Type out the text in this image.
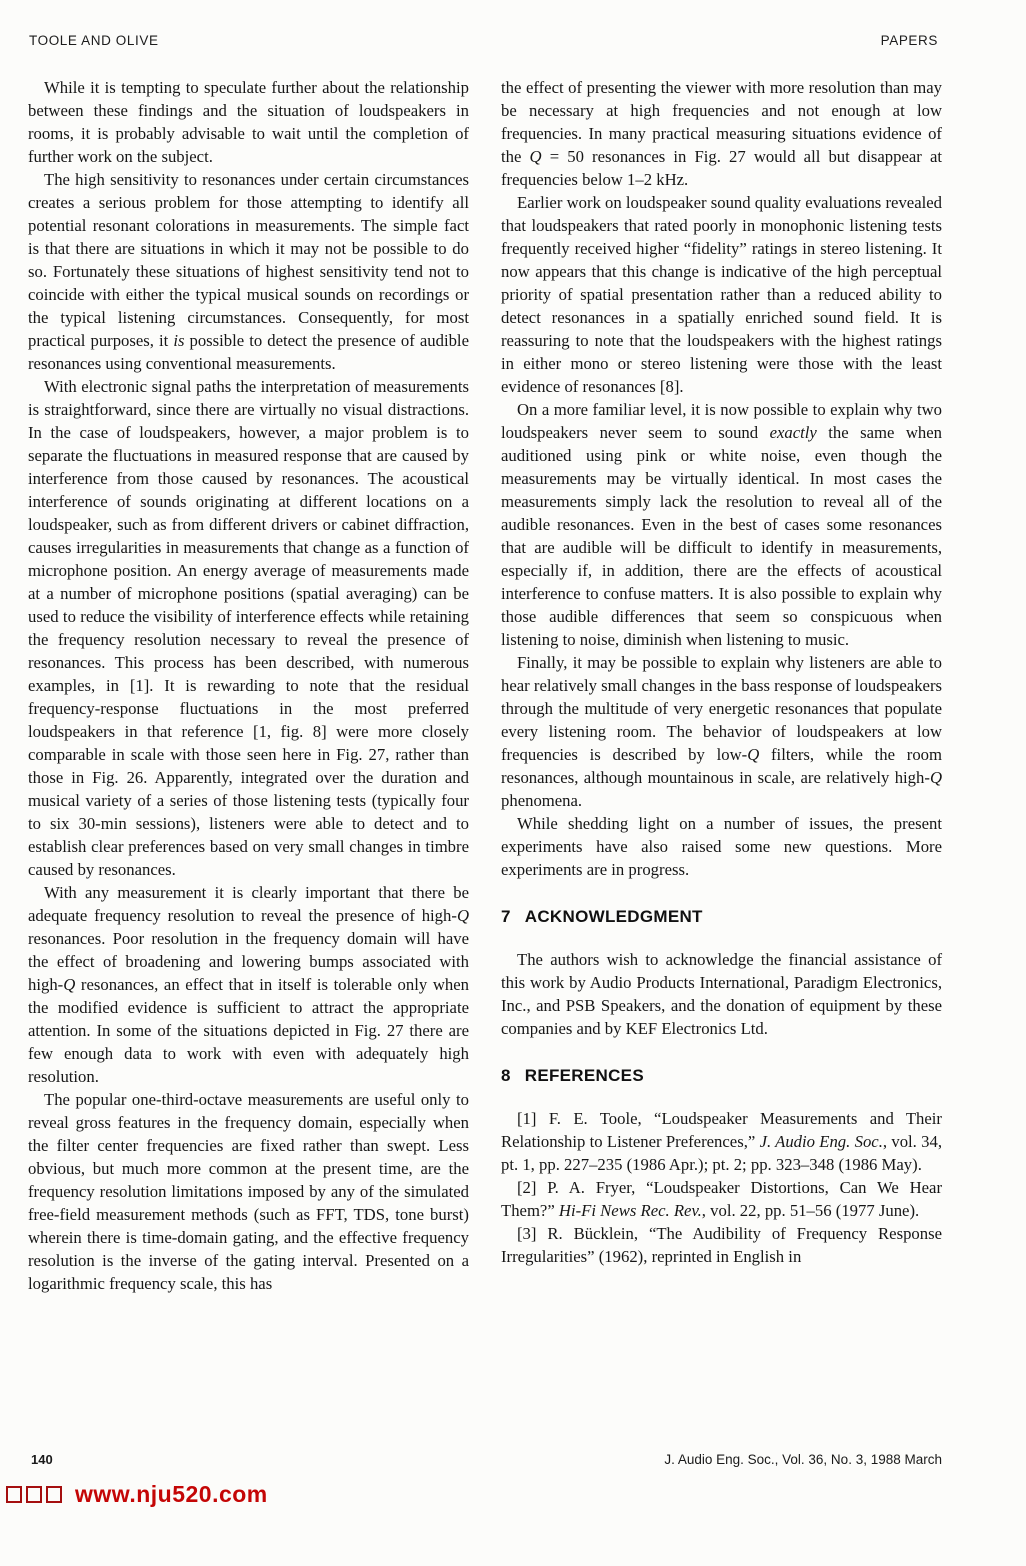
TOOLE AND OLIVE	PAPERS

While it is tempting to speculate further about the relationship between these findings and the situation of loudspeakers in rooms, it is probably advisable to wait until the completion of further work on the subject.

The high sensitivity to resonances under certain circumstances creates a serious problem for those attempting to identify all potential resonant colorations in measurements. The simple fact is that there are situations in which it may not be possible to do so. Fortunately these situations of highest sensitivity tend not to coincide with either the typical musical sounds on recordings or the typical listening circumstances. Consequently, for most practical purposes, it is possible to detect the presence of audible resonances using conventional measurements.

With electronic signal paths the interpretation of measurements is straightforward, since there are virtually no visual distractions. In the case of loudspeakers, however, a major problem is to separate the fluctuations in measured response that are caused by interference from those caused by resonances. The acoustical interference of sounds originating at different locations on a loudspeaker, such as from different drivers or cabinet diffraction, causes irregularities in measurements that change as a function of microphone position. An energy average of measurements made at a number of microphone positions (spatial averaging) can be used to reduce the visibility of interference effects while retaining the frequency resolution necessary to reveal the presence of resonances. This process has been described, with numerous examples, in [1]. It is rewarding to note that the residual frequency-response fluctuations in the most preferred loudspeakers in that reference [1, fig. 8] were more closely comparable in scale with those seen here in Fig. 27, rather than those in Fig. 26. Apparently, integrated over the duration and musical variety of a series of those listening tests (typically four to six 30-min sessions), listeners were able to detect and to establish clear preferences based on very small changes in timbre caused by resonances.

With any measurement it is clearly important that there be adequate frequency resolution to reveal the presence of high-Q resonances. Poor resolution in the frequency domain will have the effect of broadening and lowering bumps associated with high-Q resonances, an effect that in itself is tolerable only when the modified evidence is sufficient to attract the appropriate attention. In some of the situations depicted in Fig. 27 there are few enough data to work with even with adequately high resolution.

The popular one-third-octave measurements are useful only to reveal gross features in the frequency domain, especially when the filter center frequencies are fixed rather than swept. Less obvious, but much more common at the present time, are the frequency resolution limitations imposed by any of the simulated free-field measurement methods (such as FFT, TDS, tone burst) wherein there is time-domain gating, and the effective frequency resolution is the inverse of the gating interval. Presented on a logarithmic frequency scale, this has

the effect of presenting the viewer with more resolution than may be necessary at high frequencies and not enough at low frequencies. In many practical measuring situations evidence of the Q = 50 resonances in Fig. 27 would all but disappear at frequencies below 1–2 kHz.

Earlier work on loudspeaker sound quality evaluations revealed that loudspeakers that rated poorly in monophonic listening tests frequently received higher “fidelity” ratings in stereo listening. It now appears that this change is indicative of the high perceptual priority of spatial presentation rather than a reduced ability to detect resonances in a spatially enriched sound field. It is reassuring to note that the loudspeakers with the highest ratings in either mono or stereo listening were those with the least evidence of resonances [8].

On a more familiar level, it is now possible to explain why two loudspeakers never seem to sound exactly the same when auditioned using pink or white noise, even though the measurements may be virtually identical. In most cases the measurements simply lack the resolution to reveal all of the audible resonances. Even in the best of cases some resonances that are audible will be difficult to identify in measurements, especially if, in addition, there are the effects of acoustical interference to confuse matters. It is also possible to explain why those audible differences that seem so conspicuous when listening to noise, diminish when listening to music.

Finally, it may be possible to explain why listeners are able to hear relatively small changes in the bass response of loudspeakers through the multitude of very energetic resonances that populate every listening room. The behavior of loudspeakers at low frequencies is described by low-Q filters, while the room resonances, although mountainous in scale, are relatively high-Q phenomena.

While shedding light on a number of issues, the present experiments have also raised some new questions. More experiments are in progress.

7 ACKNOWLEDGMENT

The authors wish to acknowledge the financial assistance of this work by Audio Products International, Paradigm Electronics, Inc., and PSB Speakers, and the donation of equipment by these companies and by KEF Electronics Ltd.

8 REFERENCES

[1] F. E. Toole, “Loudspeaker Measurements and Their Relationship to Listener Preferences,” J. Audio Eng. Soc., vol. 34, pt. 1, pp. 227–235 (1986 Apr.); pt. 2; pp. 323–348 (1986 May).

[2] P. A. Fryer, “Loudspeaker Distortions, Can We Hear Them?” Hi-Fi News Rec. Rev., vol. 22, pp. 51–56 (1977 June).

[3] R. Bücklein, “The Audibility of Frequency Response Irregularities” (1962), reprinted in English in

140	J. Audio Eng. Soc., Vol. 36, No. 3, 1988 March
www.nju520.com
